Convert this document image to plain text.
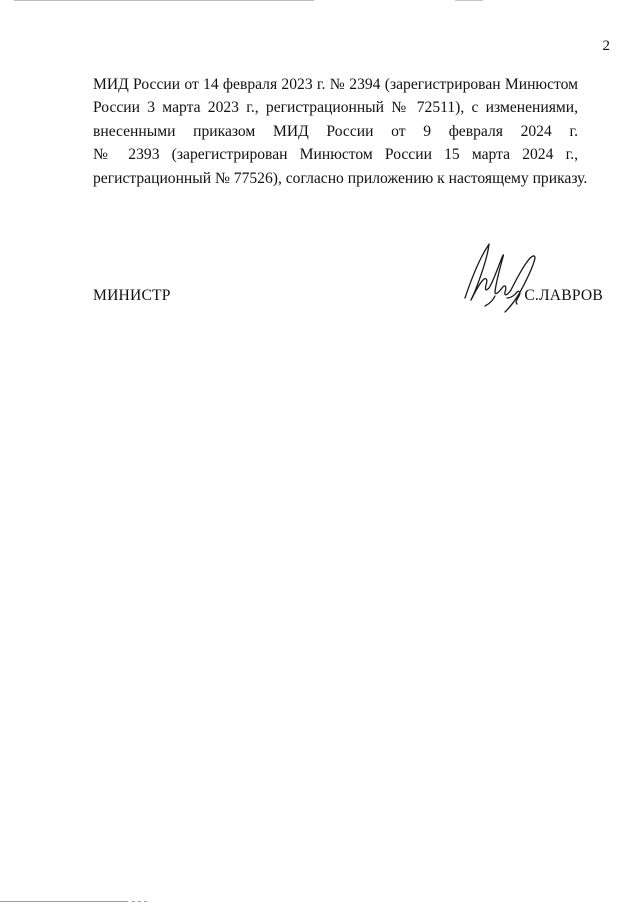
2
МИД России от 14 февраля 2023 г. № 2394 (зарегистрирован Минюстом
России 3 марта 2023 г., регистрационный № 72511), с изменениями,
внесенными приказом МИД России от 9 февраля 2024 г.
№ 2393 (зарегистрирован Минюстом России 15 марта 2024 г.,
регистрационный № 77526), согласно приложению к настоящему приказу.
МИНИСТР	С.ЛАВРОВ
